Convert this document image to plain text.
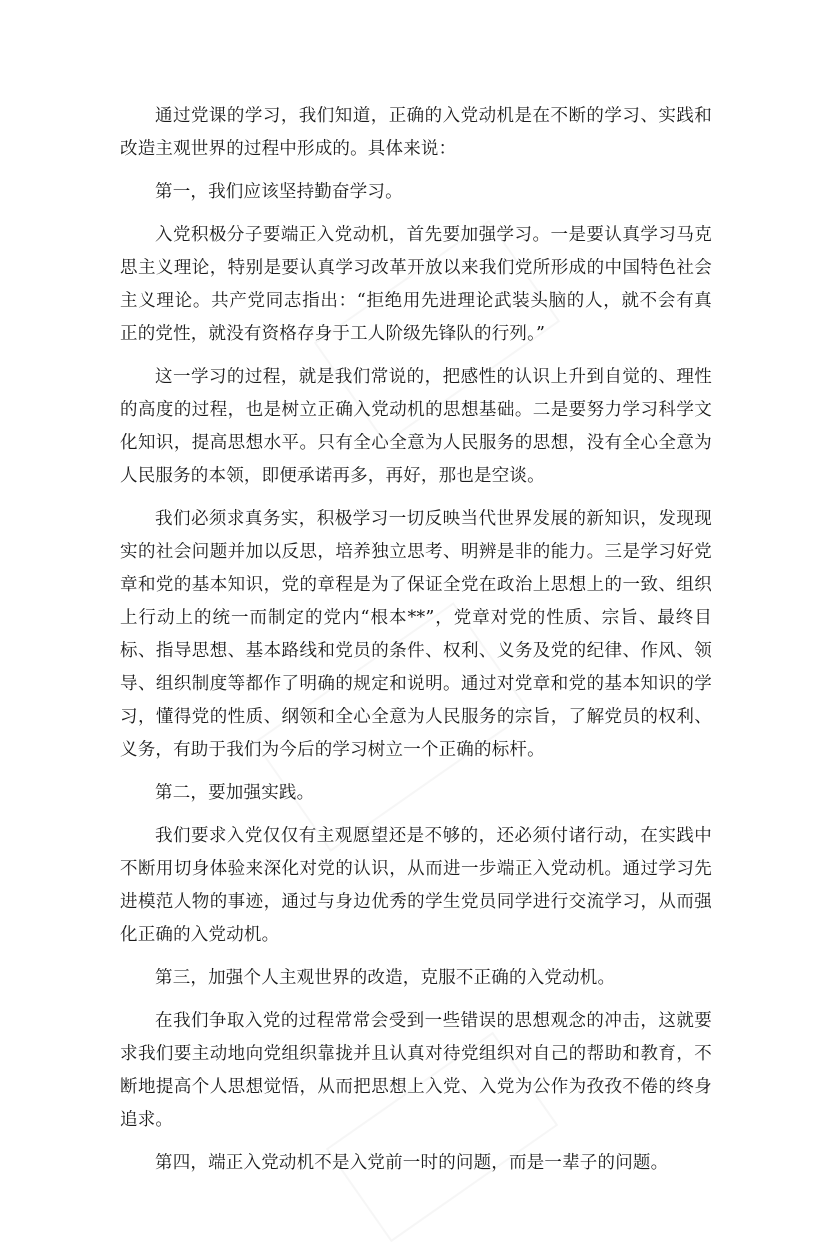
通过党课的学习，我们知道，正确的入党动机是在不断的学习、实践和改造主观世界的过程中形成的。具体来说：

第一，我们应该坚持勤奋学习。

入党积极分子要端正入党动机，首先要加强学习。一是要认真学习马克思主义理论，特别是要认真学习改革开放以来我们党所形成的中国特色社会主义理论。共产党同志指出：“拒绝用先进理论武装头脑的人，就不会有真正的党性，就没有资格存身于工人阶级先锋队的行列。”

这一学习的过程，就是我们常说的，把感性的认识上升到自觉的、理性的高度的过程，也是树立正确入党动机的思想基础。二是要努力学习科学文化知识，提高思想水平。只有全心全意为人民服务的思想，没有全心全意为人民服务的本领，即便承诺再多，再好，那也是空谈。

我们必须求真务实，积极学习一切反映当代世界发展的新知识，发现现实的社会问题并加以反思，培养独立思考、明辨是非的能力。三是学习好党章和党的基本知识，党的章程是为了保证全党在政治上思想上的一致、组织上行动上的统一而制定的党内“根本**”，党章对党的性质、宗旨、最终目标、指导思想、基本路线和党员的条件、权利、义务及党的纪律、作风、领导、组织制度等都作了明确的规定和说明。通过对党章和党的基本知识的学习，懂得党的性质、纲领和全心全意为人民服务的宗旨，了解党员的权利、义务，有助于我们为今后的学习树立一个正确的标杆。

第二，要加强实践。

我们要求入党仅仅有主观愿望还是不够的，还必须付诸行动，在实践中不断用切身体验来深化对党的认识，从而进一步端正入党动机。通过学习先进模范人物的事迹，通过与身边优秀的学生党员同学进行交流学习，从而强化正确的入党动机。

第三，加强个人主观世界的改造，克服不正确的入党动机。

在我们争取入党的过程常常会受到一些错误的思想观念的冲击，这就要求我们要主动地向党组织靠拢并且认真对待党组织对自己的帮助和教育，不断地提高个人思想觉悟，从而把思想上入党、入党为公作为孜孜不倦的终身追求。

第四，端正入党动机不是入党前一时的问题，而是一辈子的问题。
